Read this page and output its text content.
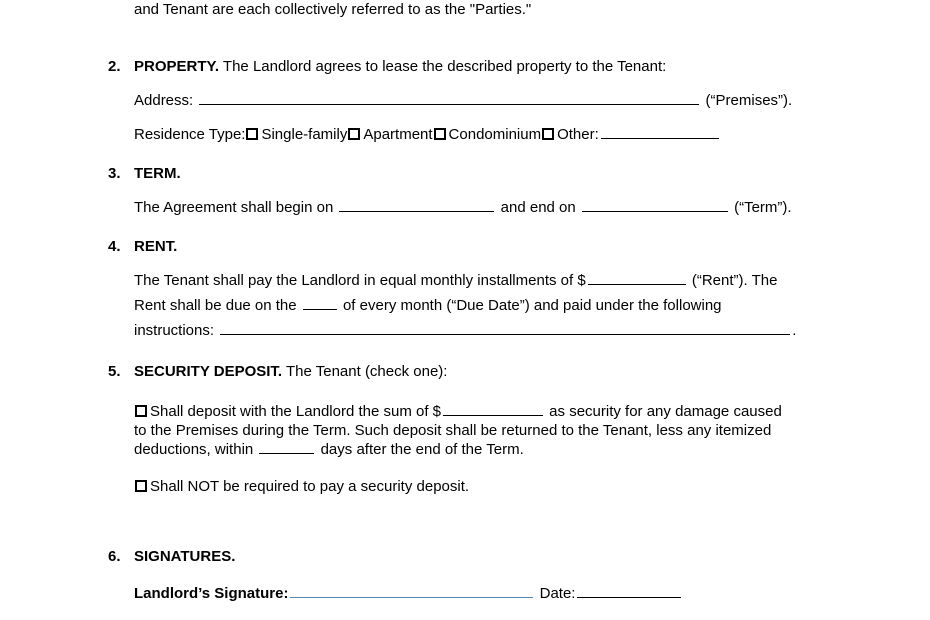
and Tenant are each collectively referred to as the "Parties."
2. PROPERTY. The Landlord agrees to lease the described property to the Tenant:
Address:	(“Premises”).
Residence Type: Single-family Apartment Condominium Other:
3. TERM.
The Agreement shall begin on	and end on	(“Term”).
4. RENT.
The Tenant shall pay the Landlord in equal monthly installments of $	(“Rent”). The
Rent shall be due on the	of every month (“Due Date”) and paid under the following
instructions:	.
5. SECURITY DEPOSIT. The Tenant (check one):
Shall deposit with the Landlord the sum of $	as security for any damage caused
to the Premises during the Term. Such deposit shall be returned to the Tenant, less any itemized
deductions, within	days after the end of the Term.
Shall NOT be required to pay a security deposit.
6. SIGNATURES.
Landlord’s Signature:	Date:
